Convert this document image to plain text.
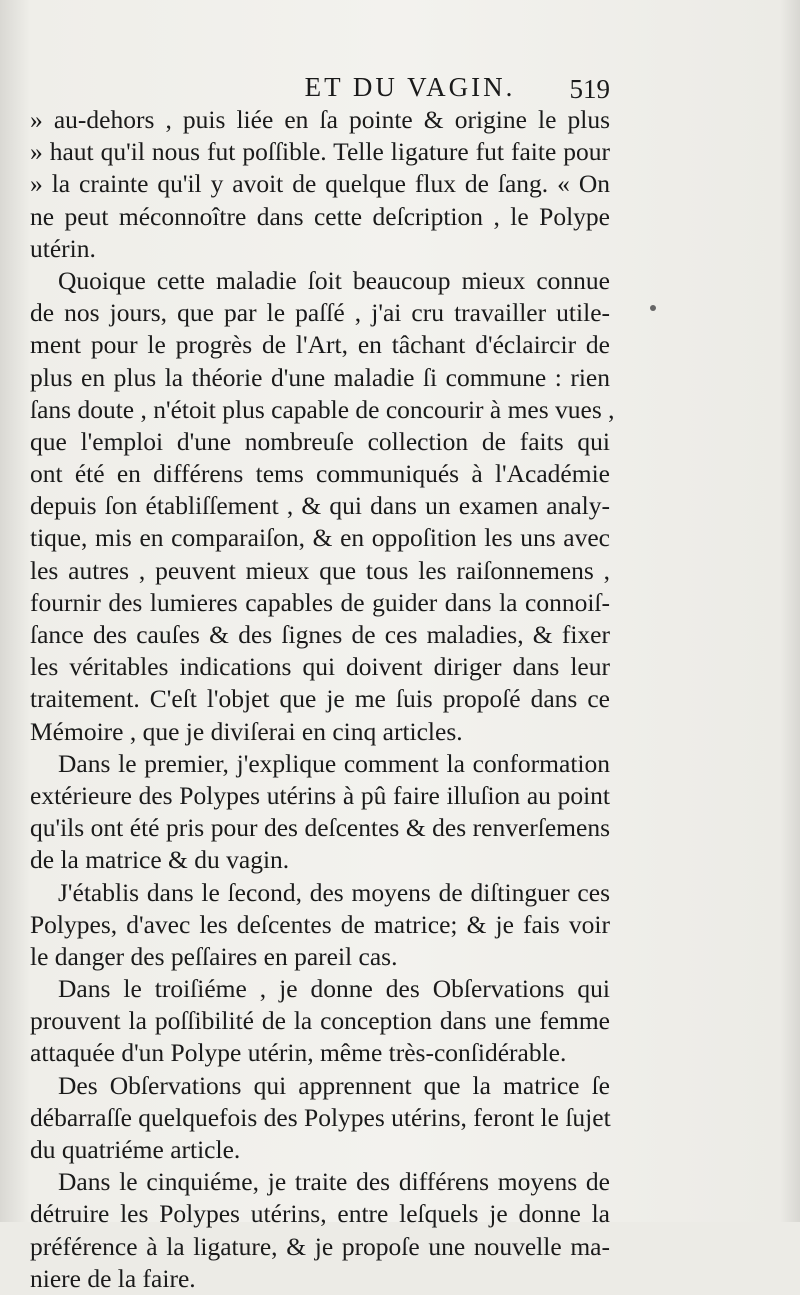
ET DU VAGIN.	519
» au-dehors , puis liée en ſa pointe & origine le plus
» haut qu'il nous fut poſſible. Telle ligature fut faite pour
» la crainte qu'il y avoit de quelque flux de ſang. « On
ne peut méconnoître dans cette deſcription , le Polype
utérin.
Quoique cette maladie ſoit beaucoup mieux connue
de nos jours, que par le paſſé , j'ai cru travailler utile-
ment pour le progrès de l'Art, en tâchant d'éclaircir de
plus en plus la théorie d'une maladie ſi commune : rien
ſans doute , n'étoit plus capable de concourir à mes vues ,
que l'emploi d'une nombreuſe collection de faits qui
ont été en différens tems communiqués à l'Académie
depuis ſon établiſſement , & qui dans un examen analy-
tique, mis en comparaiſon, & en oppoſition les uns avec
les autres , peuvent mieux que tous les raiſonnemens ,
fournir des lumieres capables de guider dans la connoiſ-
ſance des cauſes & des ſignes de ces maladies, & fixer
les véritables indications qui doivent diriger dans leur
traitement. C'eſt l'objet que je me ſuis propoſé dans ce
Mémoire , que je diviſerai en cinq articles.
Dans le premier, j'explique comment la conformation
extérieure des Polypes utérins à pû faire illuſion au point
qu'ils ont été pris pour des deſcentes & des renverſemens
de la matrice & du vagin.
J'établis dans le ſecond, des moyens de diſtinguer ces
Polypes, d'avec les deſcentes de matrice; & je fais voir
le danger des peſſaires en pareil cas.
Dans le troiſiéme , je donne des Obſervations qui
prouvent la poſſibilité de la conception dans une femme
attaquée d'un Polype utérin, même très-conſidérable.
Des Obſervations qui apprennent que la matrice ſe
débarraſſe quelquefois des Polypes utérins, feront le ſujet
du quatriéme article.
Dans le cinquiéme, je traite des différens moyens de
détruire les Polypes utérins, entre leſquels je donne la
préférence à la ligature, & je propoſe une nouvelle ma-
niere de la faire.
